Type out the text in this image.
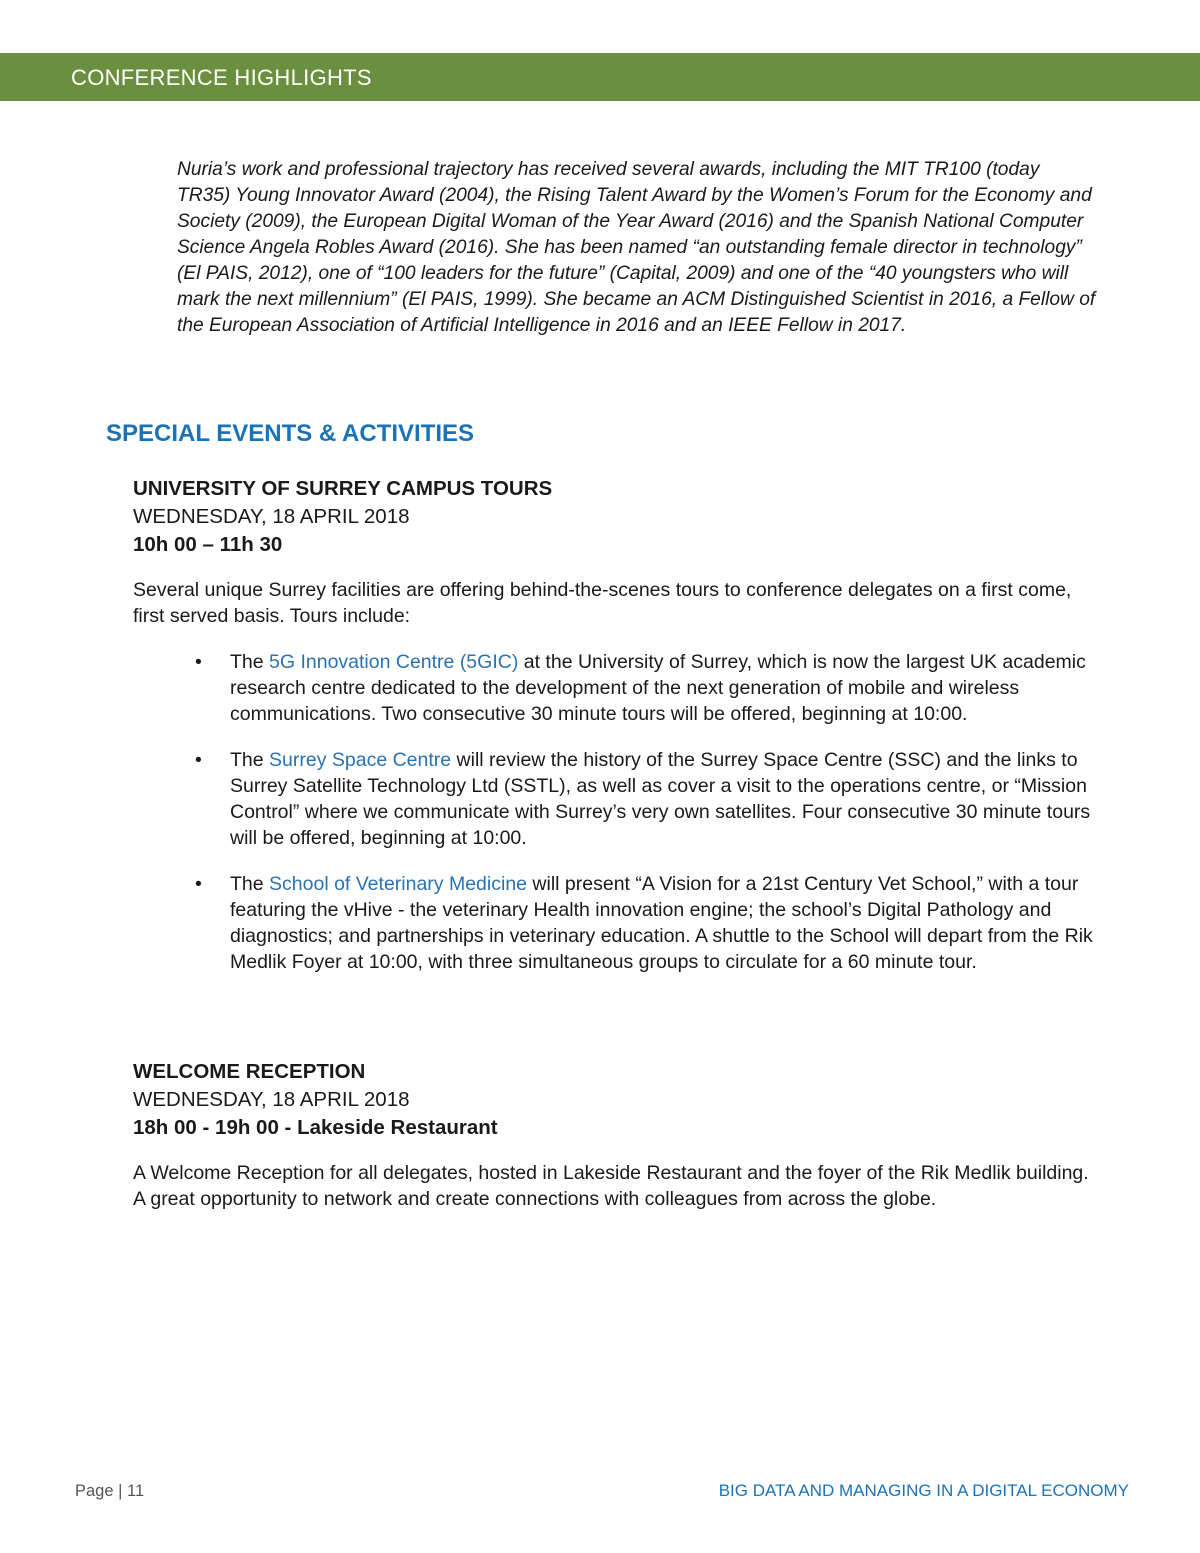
CONFERENCE HIGHLIGHTS

Nuria’s work and professional trajectory has received several awards, including the MIT TR100 (today TR35) Young Innovator Award (2004), the Rising Talent Award by the Women’s Forum for the Economy and Society (2009), the European Digital Woman of the Year Award (2016) and the Spanish National Computer Science Angela Robles Award (2016). She has been named “an outstanding female director in technology” (El PAIS, 2012), one of “100 leaders for the future” (Capital, 2009) and one of the “40 youngsters who will mark the next millennium” (El PAIS, 1999). She became an ACM Distinguished Scientist in 2016, a Fellow of the European Association of Artificial Intelligence in 2016 and an IEEE Fellow in 2017.

SPECIAL EVENTS & ACTIVITIES
UNIVERSITY OF SURREY CAMPUS TOURS

WEDNESDAY, 18 APRIL 2018

10h 00 – 11h 30

Several unique Surrey facilities are offering behind-the-scenes tours to conference delegates on a first come, first served basis. Tours include:

• The 5G Innovation Centre (5GIC) at the University of Surrey, which is now the largest UK academic research centre dedicated to the development of the next generation of mobile and wireless communications. Two consecutive 30 minute tours will be offered, beginning at 10:00.
• The Surrey Space Centre will review the history of the Surrey Space Centre (SSC) and the links to Surrey Satellite Technology Ltd (SSTL), as well as cover a visit to the operations centre, or “Mission Control” where we communicate with Surrey’s very own satellites. Four consecutive 30 minute tours will be offered, beginning at 10:00.
• The School of Veterinary Medicine will present “A Vision for a 21st Century Vet School,” with a tour featuring the vHive - the veterinary Health innovation engine; the school’s Digital Pathology and diagnostics; and partnerships in veterinary education. A shuttle to the School will depart from the Rik Medlik Foyer at 10:00, with three simultaneous groups to circulate for a 60 minute tour.
WELCOME RECEPTION

WEDNESDAY, 18 APRIL 2018

18h 00 - 19h 00 - Lakeside Restaurant

A Welcome Reception for all delegates, hosted in Lakeside Restaurant and the foyer of the Rik Medlik building. A great opportunity to network and create connections with colleagues from across the globe.

Page | 11	BIG DATA AND MANAGING IN A DIGITAL ECONOMY
